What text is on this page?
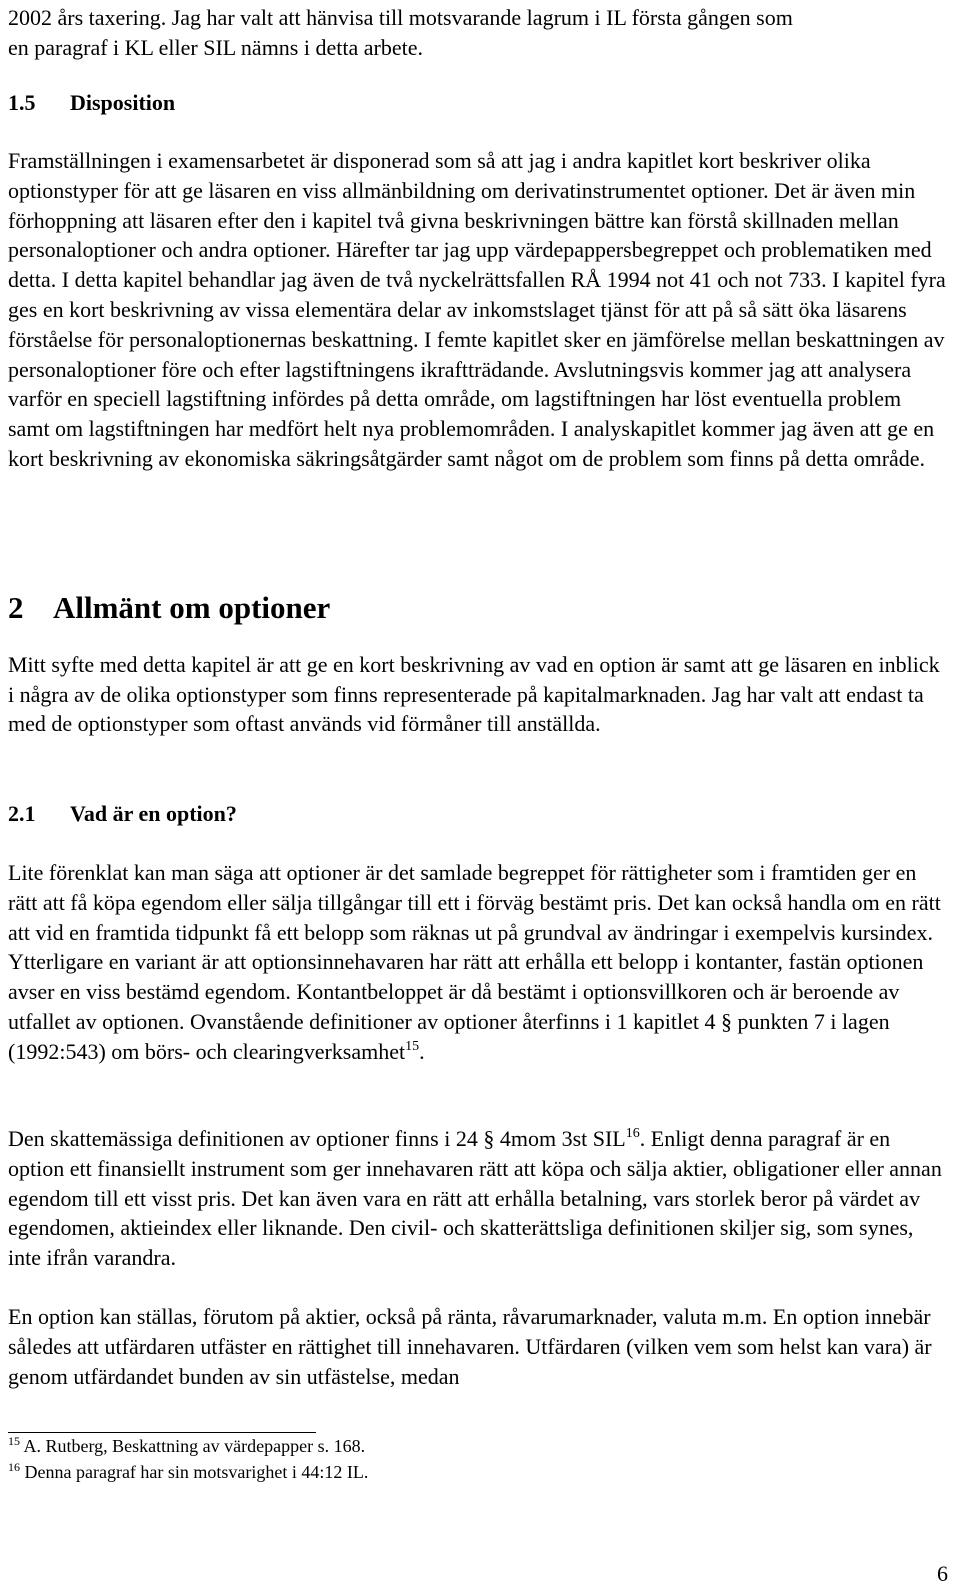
2002 års taxering. Jag har valt att hänvisa till motsvarande lagrum i IL första gången som
en paragraf i KL eller SIL nämns i detta arbete.

1.5 Disposition

Framställningen i examensarbetet är disponerad som så att jag i andra kapitlet kort beskriver olika optionstyper för att ge läsaren en viss allmänbildning om derivatinstrumentet optioner. Det är även min förhoppning att läsaren efter den i kapitel två givna beskrivningen bättre kan förstå skillnaden mellan personaloptioner och andra optioner. Härefter tar jag upp värdepappersbegreppet och problematiken med detta. I detta kapitel behandlar jag även de två nyckelrättsfallen RÅ 1994 not 41 och not 733. I kapitel fyra ges en kort beskrivning av vissa elementära delar av inkomstslaget tjänst för att på så sätt öka läsarens förståelse för personaloptionernas beskattning. I femte kapitlet sker en jämförelse mellan beskattningen av personaloptioner före och efter lagstiftningens ikraftträdande. Avslutningsvis kommer jag att analysera varför en speciell lagstiftning infördes på detta område, om lagstiftningen har löst eventuella problem samt om lagstiftningen har medfört helt nya problemområden. I analyskapitlet kommer jag även att ge en kort beskrivning av ekonomiska säkringsåtgärder samt något om de problem som finns på detta område.

2 Allmänt om optioner

Mitt syfte med detta kapitel är att ge en kort beskrivning av vad en option är samt att ge läsaren en inblick i några av de olika optionstyper som finns representerade på kapitalmarknaden. Jag har valt att endast ta med de optionstyper som oftast används vid förmåner till anställda.

2.1 Vad är en option?

Lite förenklat kan man säga att optioner är det samlade begreppet för rättigheter som i framtiden ger en rätt att få köpa egendom eller sälja tillgångar till ett i förväg bestämt pris. Det kan också handla om en rätt att vid en framtida tidpunkt få ett belopp som räknas ut på grundval av ändringar i exempelvis kursindex. Ytterligare en variant är att optionsinnehavaren har rätt att erhålla ett belopp i kontanter, fastän optionen avser en viss bestämd egendom. Kontantbeloppet är då bestämt i optionsvillkoren och är beroende av utfallet av optionen. Ovanstående definitioner av optioner återfinns i 1 kapitlet 4 § punkten 7 i lagen (1992:543) om börs- och clearingverksamhet$^{15}$.

Den skattemässiga definitionen av optioner finns i 24 § 4mom 3st SIL$^{16}$. Enligt denna paragraf är en option ett finansiellt instrument som ger innehavaren rätt att köpa och sälja aktier, obligationer eller annan egendom till ett visst pris. Det kan även vara en rätt att erhålla betalning, vars storlek beror på värdet av egendomen, aktieindex eller liknande. Den civil- och skatterättsliga definitionen skiljer sig, som synes, inte ifrån varandra.

En option kan ställas, förutom på aktier, också på ränta, råvarumarknader, valuta m.m. En option innebär således att utfärdaren utfäster en rättighet till innehavaren. Utfärdaren (vilken vem som helst kan vara) är genom utfärdandet bunden av sin utfästelse, medan

$^{15}$ A. Rutberg, Beskattning av värdepapper s. 168.
$^{16}$ Denna paragraf har sin motsvarighet i 44:12 IL.
6
